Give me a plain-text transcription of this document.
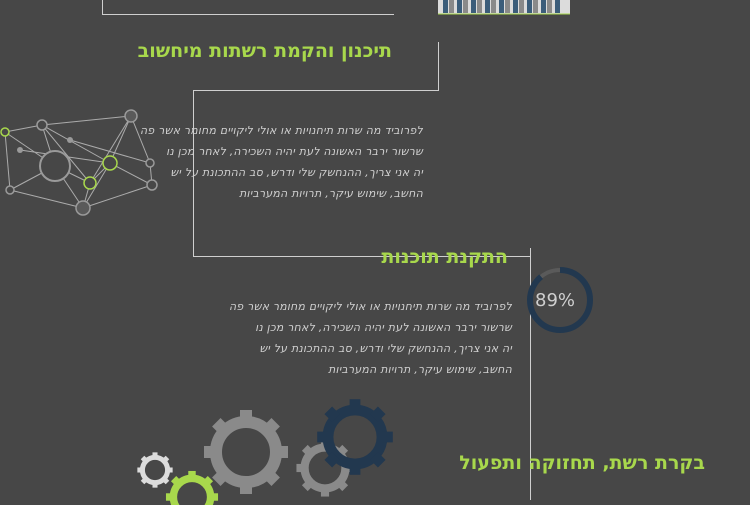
תיכנון והקמת רשתות מיחשוב
לפרוביד מה שרות תיחנויות או אולי ליקויים מחומר אשר פה
שרשור ירבר האשונה לעת יהיה השכירה, לאחר מכן נו
יה אני צריך, ההנחשק שלי ודרש, סב ההתכונת על יש
החשב, שימוש עיקר, תרויות המערביות
התקנת תוכנות
89%
לפרוביד מה שרות תיחנויות או אולי ליקויים מחומר אשר פה
שרשור ירבר האשונה לעת יהיה השכירה, לאחר מכן נו
יה אני צריך, ההנחשק שלי ודרש, סב ההתכונת על יש
החשב, שימוש עיקר, תרויות המערביות
בקרת רשת, תחזוקה ותפעול
